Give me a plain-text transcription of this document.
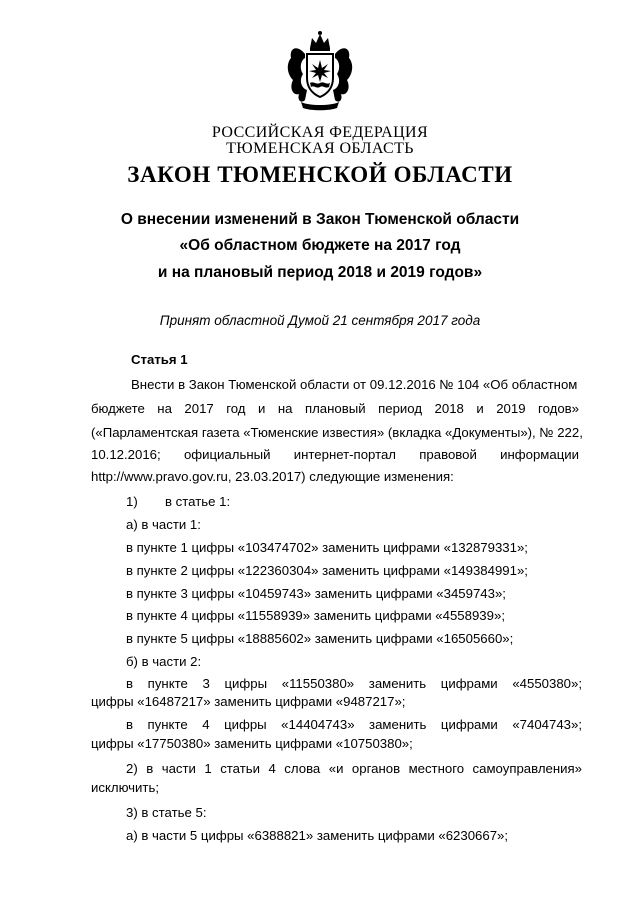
РОССИЙСКАЯ ФЕДЕРАЦИЯ
ТЮМЕНСКАЯ ОБЛАСТЬ
ЗАКОН ТЮМЕНСКОЙ ОБЛАСТИ
О внесении изменений в Закон Тюменской области
«Об областном бюджете на 2017 год
и на плановый период 2018 и 2019 годов»
Принят областной Думой 21 сентября 2017 года
Статья 1
Внести в Закон Тюменской области от 09.12.2016 № 104 «Об областном
бюджете на 2017 год и на плановый период 2018 и 2019 годов»
(«Парламентская газета «Тюменские известия» (вкладка «Документы»), № 222,
10.12.2016; официальный интернет-портал правовой информации
http://www.pravo.gov.ru, 23.03.2017) следующие изменения:
1) в статье 1:
а) в части 1:
в пункте 1 цифры «103474702» заменить цифрами «132879331»;
в пункте 2 цифры «122360304» заменить цифрами «149384991»;
в пункте 3 цифры «10459743» заменить цифрами «3459743»;
в пункте 4 цифры «11558939» заменить цифрами «4558939»;
в пункте 5 цифры «18885602» заменить цифрами «16505660»;
б) в части 2:
в пункте 3 цифры «11550380» заменить цифрами «4550380»;
цифры «16487217» заменить цифрами «9487217»;
в пункте 4 цифры «14404743» заменить цифрами «7404743»;
цифры «17750380» заменить цифрами «10750380»;
2) в части 1 статьи 4 слова «и органов местного самоуправления»
исключить;
3) в статье 5:
а) в части 5 цифры «6388821» заменить цифрами «6230667»;
